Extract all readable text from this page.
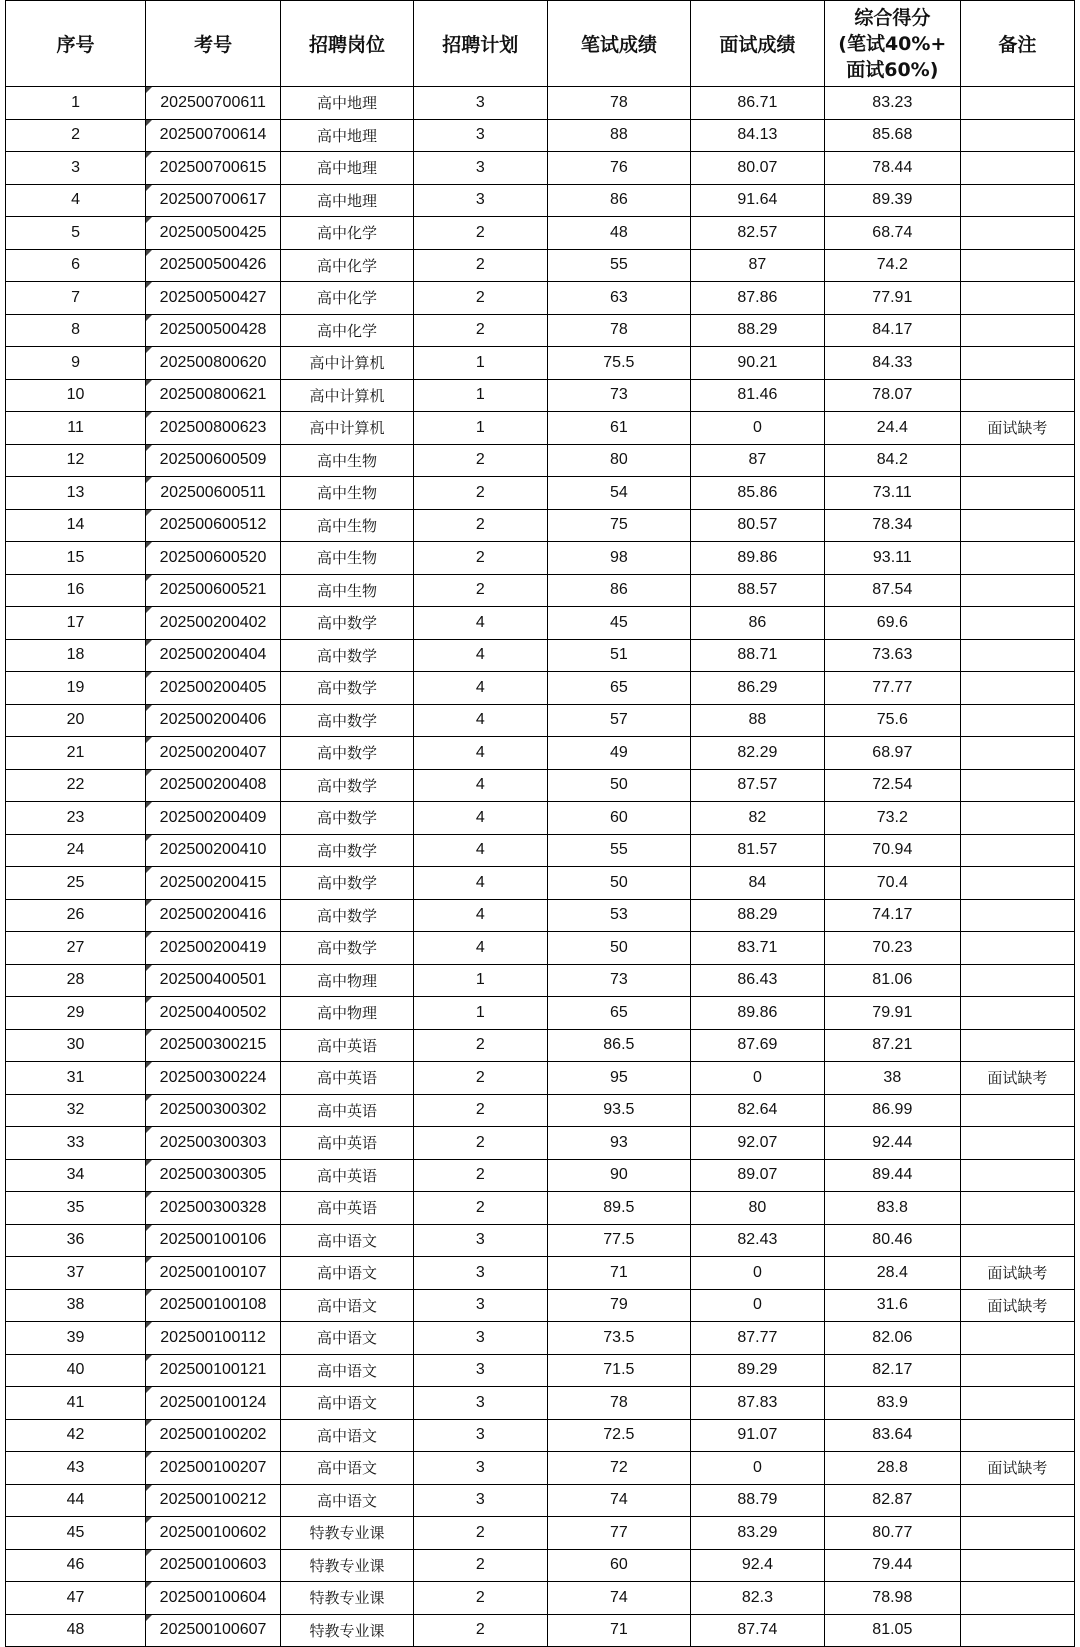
序号	考号	招聘岗位	招聘计划	笔试成绩	面试成绩	综合得分
(笔试40%+
面试60%)	备注
1	202500700611	高中地理	3	78	86.71	83.23	
2	202500700614	高中地理	3	88	84.13	85.68	
3	202500700615	高中地理	3	76	80.07	78.44	
4	202500700617	高中地理	3	86	91.64	89.39	
5	202500500425	高中化学	2	48	82.57	68.74	
6	202500500426	高中化学	2	55	87	74.2	
7	202500500427	高中化学	2	63	87.86	77.91	
8	202500500428	高中化学	2	78	88.29	84.17	
9	202500800620	高中计算机	1	75.5	90.21	84.33	
10	202500800621	高中计算机	1	73	81.46	78.07	
11	202500800623	高中计算机	1	61	0	24.4	面试缺考
12	202500600509	高中生物	2	80	87	84.2	
13	202500600511	高中生物	2	54	85.86	73.11	
14	202500600512	高中生物	2	75	80.57	78.34	
15	202500600520	高中生物	2	98	89.86	93.11	
16	202500600521	高中生物	2	86	88.57	87.54	
17	202500200402	高中数学	4	45	86	69.6	
18	202500200404	高中数学	4	51	88.71	73.63	
19	202500200405	高中数学	4	65	86.29	77.77	
20	202500200406	高中数学	4	57	88	75.6	
21	202500200407	高中数学	4	49	82.29	68.97	
22	202500200408	高中数学	4	50	87.57	72.54	
23	202500200409	高中数学	4	60	82	73.2	
24	202500200410	高中数学	4	55	81.57	70.94	
25	202500200415	高中数学	4	50	84	70.4	
26	202500200416	高中数学	4	53	88.29	74.17	
27	202500200419	高中数学	4	50	83.71	70.23	
28	202500400501	高中物理	1	73	86.43	81.06	
29	202500400502	高中物理	1	65	89.86	79.91	
30	202500300215	高中英语	2	86.5	87.69	87.21	
31	202500300224	高中英语	2	95	0	38	面试缺考
32	202500300302	高中英语	2	93.5	82.64	86.99	
33	202500300303	高中英语	2	93	92.07	92.44	
34	202500300305	高中英语	2	90	89.07	89.44	
35	202500300328	高中英语	2	89.5	80	83.8	
36	202500100106	高中语文	3	77.5	82.43	80.46	
37	202500100107	高中语文	3	71	0	28.4	面试缺考
38	202500100108	高中语文	3	79	0	31.6	面试缺考
39	202500100112	高中语文	3	73.5	87.77	82.06	
40	202500100121	高中语文	3	71.5	89.29	82.17	
41	202500100124	高中语文	3	78	87.83	83.9	
42	202500100202	高中语文	3	72.5	91.07	83.64	
43	202500100207	高中语文	3	72	0	28.8	面试缺考
44	202500100212	高中语文	3	74	88.79	82.87	
45	202500100602	特教专业课	2	77	83.29	80.77	
46	202500100603	特教专业课	2	60	92.4	79.44	
47	202500100604	特教专业课	2	74	82.3	78.98	
48	202500100607	特教专业课	2	71	87.74	81.05	
